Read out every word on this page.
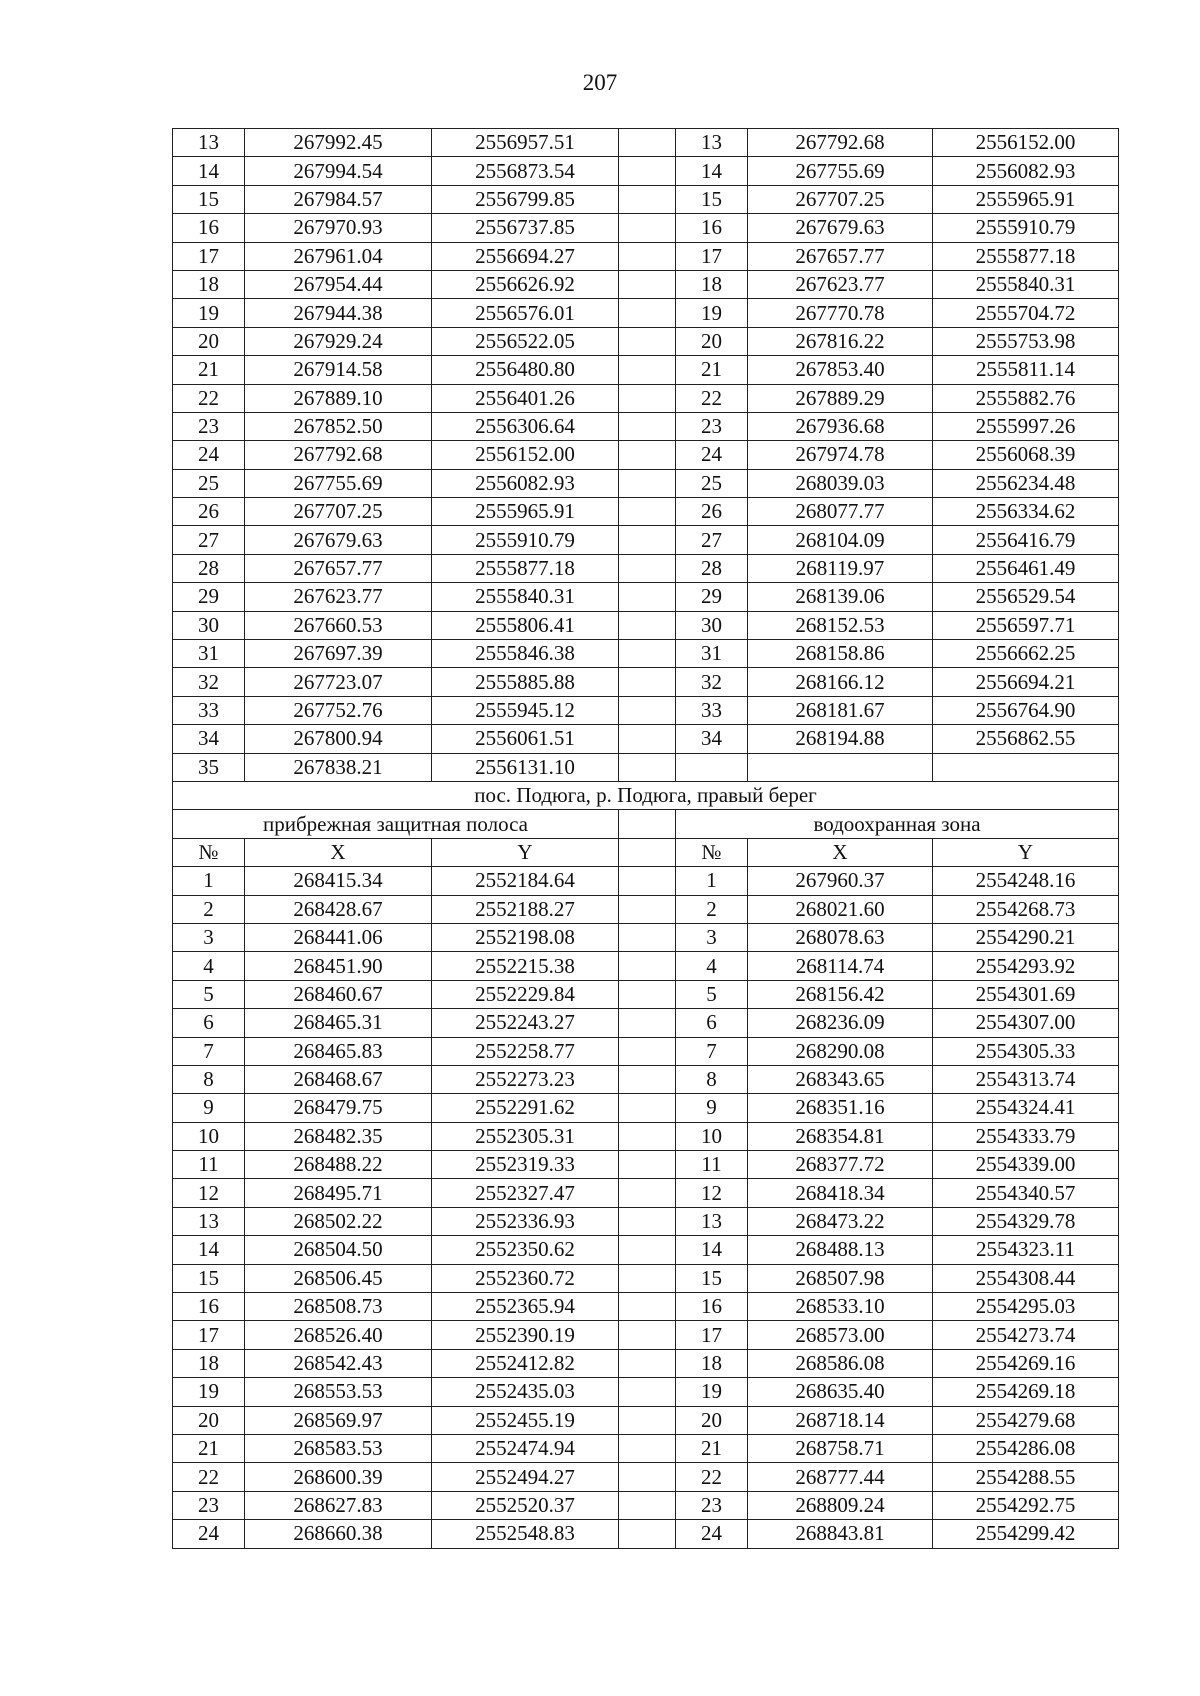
207
13	267992.45	2556957.51		13	267792.68	2556152.00
14	267994.54	2556873.54		14	267755.69	2556082.93
15	267984.57	2556799.85		15	267707.25	2555965.91
16	267970.93	2556737.85		16	267679.63	2555910.79
17	267961.04	2556694.27		17	267657.77	2555877.18
18	267954.44	2556626.92		18	267623.77	2555840.31
19	267944.38	2556576.01		19	267770.78	2555704.72
20	267929.24	2556522.05		20	267816.22	2555753.98
21	267914.58	2556480.80		21	267853.40	2555811.14
22	267889.10	2556401.26		22	267889.29	2555882.76
23	267852.50	2556306.64		23	267936.68	2555997.26
24	267792.68	2556152.00		24	267974.78	2556068.39
25	267755.69	2556082.93		25	268039.03	2556234.48
26	267707.25	2555965.91		26	268077.77	2556334.62
27	267679.63	2555910.79		27	268104.09	2556416.79
28	267657.77	2555877.18		28	268119.97	2556461.49
29	267623.77	2555840.31		29	268139.06	2556529.54
30	267660.53	2555806.41		30	268152.53	2556597.71
31	267697.39	2555846.38		31	268158.86	2556662.25
32	267723.07	2555885.88		32	268166.12	2556694.21
33	267752.76	2555945.12		33	268181.67	2556764.90
34	267800.94	2556061.51		34	268194.88	2556862.55
35	267838.21	2556131.10				
пос. Подюга, р. Подюга, правый берег						
прибрежная защитная полоса				водоохранная зона		
№	X	Y		№	X	Y
1	268415.34	2552184.64		1	267960.37	2554248.16
2	268428.67	2552188.27		2	268021.60	2554268.73
3	268441.06	2552198.08		3	268078.63	2554290.21
4	268451.90	2552215.38		4	268114.74	2554293.92
5	268460.67	2552229.84		5	268156.42	2554301.69
6	268465.31	2552243.27		6	268236.09	2554307.00
7	268465.83	2552258.77		7	268290.08	2554305.33
8	268468.67	2552273.23		8	268343.65	2554313.74
9	268479.75	2552291.62		9	268351.16	2554324.41
10	268482.35	2552305.31		10	268354.81	2554333.79
11	268488.22	2552319.33		11	268377.72	2554339.00
12	268495.71	2552327.47		12	268418.34	2554340.57
13	268502.22	2552336.93		13	268473.22	2554329.78
14	268504.50	2552350.62		14	268488.13	2554323.11
15	268506.45	2552360.72		15	268507.98	2554308.44
16	268508.73	2552365.94		16	268533.10	2554295.03
17	268526.40	2552390.19		17	268573.00	2554273.74
18	268542.43	2552412.82		18	268586.08	2554269.16
19	268553.53	2552435.03		19	268635.40	2554269.18
20	268569.97	2552455.19		20	268718.14	2554279.68
21	268583.53	2552474.94		21	268758.71	2554286.08
22	268600.39	2552494.27		22	268777.44	2554288.55
23	268627.83	2552520.37		23	268809.24	2554292.75
24	268660.38	2552548.83		24	268843.81	2554299.42
